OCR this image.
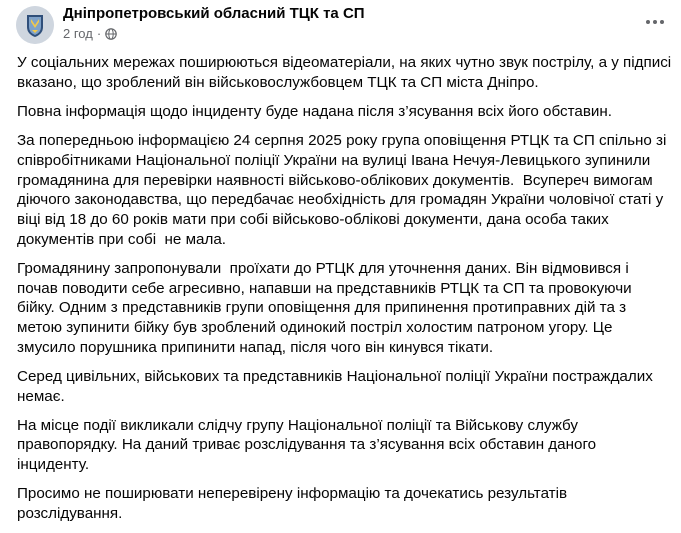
Дніпропетровський обласний ТЦК та СП
2 год ·

У соціальних мережах поширюються відеоматеріали, на яких чутно звук пострілу, а у підписі вказано, що зроблений він військовослужбовцем ТЦК та СП міста Дніпро.

Повна інформація щодо інциденту буде надана після з’ясування всіх його обставин.

За попередньою інформацією 24 серпня 2025 року група оповіщення РТЦК та СП спільно зі співробітниками Національної поліції України на вулиці Івана Нечуя-Левицького зупинили громадянина для перевірки наявності військово-облікових документів.  Всупереч вимогам діючого законодавства, що передбачає необхідність для громадян України чоловічої статі у віці від 18 до 60 років мати при собі військово-облікові документи, дана особа таких документів при собі  не мала.

Громадянину запропонували  проїхати до РТЦК для уточнення даних. Він відмовився і почав поводити себе агресивно, напавши на представників РТЦК та СП та провокуючи бійку. Одним з представників групи оповіщення для припинення протиправних дій та з метою зупинити бійку був зроблений одинокий постріл холостим патроном угору. Це змусило порушника припинити напад, після чого він кинувся тікати.

Серед цивільних, військових та представників Національної поліції України постраждалих немає.

На місце події викликали слідчу групу Національної поліції та Військову службу правопорядку. На даний триває розслідування та з’ясування всіх обставин даного інциденту.

Просимо не поширювати неперевірену інформацію та дочекатись результатів розслідування.
